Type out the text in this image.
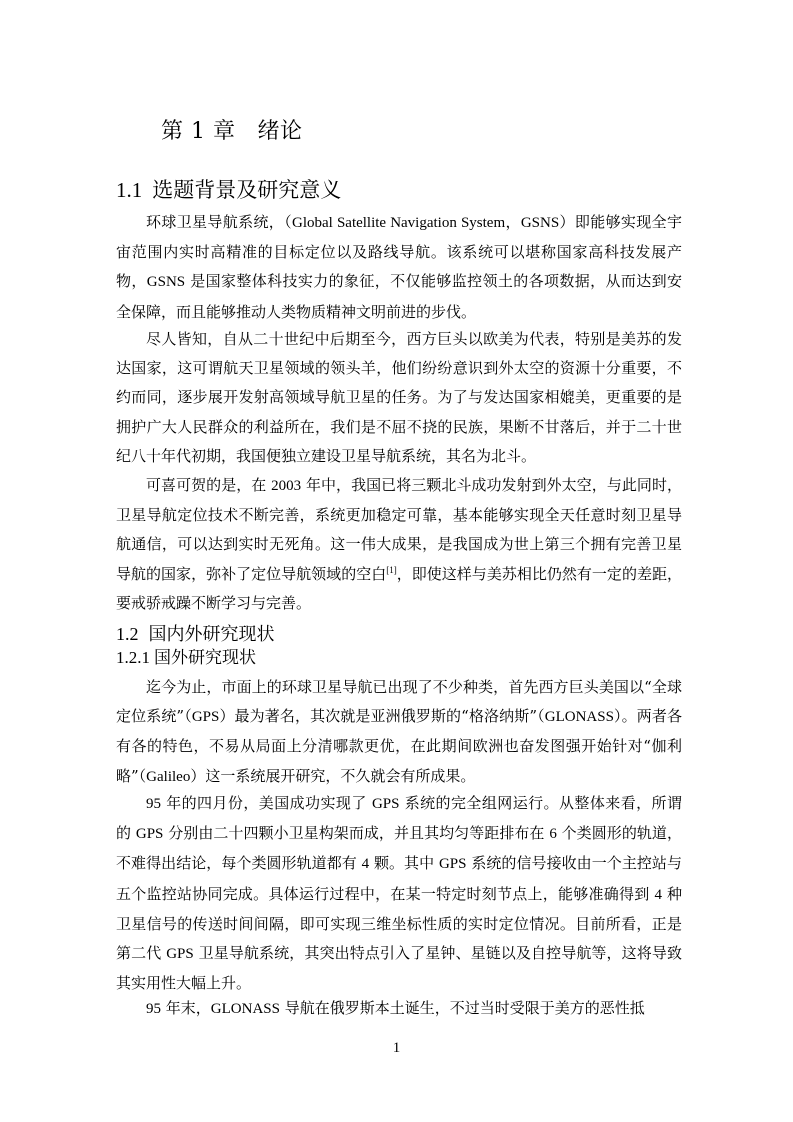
第 1 章 绪论
1.1 选题背景及研究意义

环球卫星导航系统，（Global Satellite Navigation System，GSNS）即能够实现全宇宙范围内实时高精准的目标定位以及路线导航。该系统可以堪称国家高科技发展产物，GSNS 是国家整体科技实力的象征，不仅能够监控领土的各项数据，从而达到安全保障，而且能够推动人类物质精神文明前进的步伐。

尽人皆知，自从二十世纪中后期至今，西方巨头以欧美为代表，特别是美苏的发达国家，这可谓航天卫星领域的领头羊，他们纷纷意识到外太空的资源十分重要，不约而同，逐步展开发射高领域导航卫星的任务。为了与发达国家相媲美，更重要的是拥护广大人民群众的利益所在，我们是不屈不挠的民族，果断不甘落后，并于二十世纪八十年代初期，我国便独立建设卫星导航系统，其名为北斗。

可喜可贺的是，在 2003 年中，我国已将三颗北斗成功发射到外太空，与此同时，卫星导航定位技术不断完善，系统更加稳定可靠，基本能够实现全天任意时刻卫星导航通信，可以达到实时无死角。这一伟大成果，是我国成为世上第三个拥有完善卫星导航的国家，弥补了定位导航领域的空白[1]，即使这样与美苏相比仍然有一定的差距，要戒骄戒躁不断学习与完善。

1.2 国内外研究现状
1.2.1 国外研究现状

迄今为止，市面上的环球卫星导航已出现了不少种类，首先西方巨头美国以“全球定位系统”（GPS）最为著名，其次就是亚洲俄罗斯的“格洛纳斯”（GLONASS）。两者各有各的特色，不易从局面上分清哪款更优，在此期间欧洲也奋发图强开始针对“伽利略”（Galileo）这一系统展开研究，不久就会有所成果。

95 年的四月份，美国成功实现了 GPS 系统的完全组网运行。从整体来看，所谓的 GPS 分别由二十四颗小卫星构架而成，并且其均匀等距排布在 6 个类圆形的轨道，不难得出结论，每个类圆形轨道都有 4 颗。其中 GPS 系统的信号接收由一个主控站与五个监控站协同完成。具体运行过程中，在某一特定时刻节点上，能够准确得到 4 种卫星信号的传送时间间隔，即可实现三维坐标性质的实时定位情况。目前所看，正是第二代 GPS 卫星导航系统，其突出特点引入了星钟、星链以及自控导航等，这将导致其实用性大幅上升。

95 年末，GLONASS 导航在俄罗斯本土诞生，不过当时受限于美方的恶性抵

1
